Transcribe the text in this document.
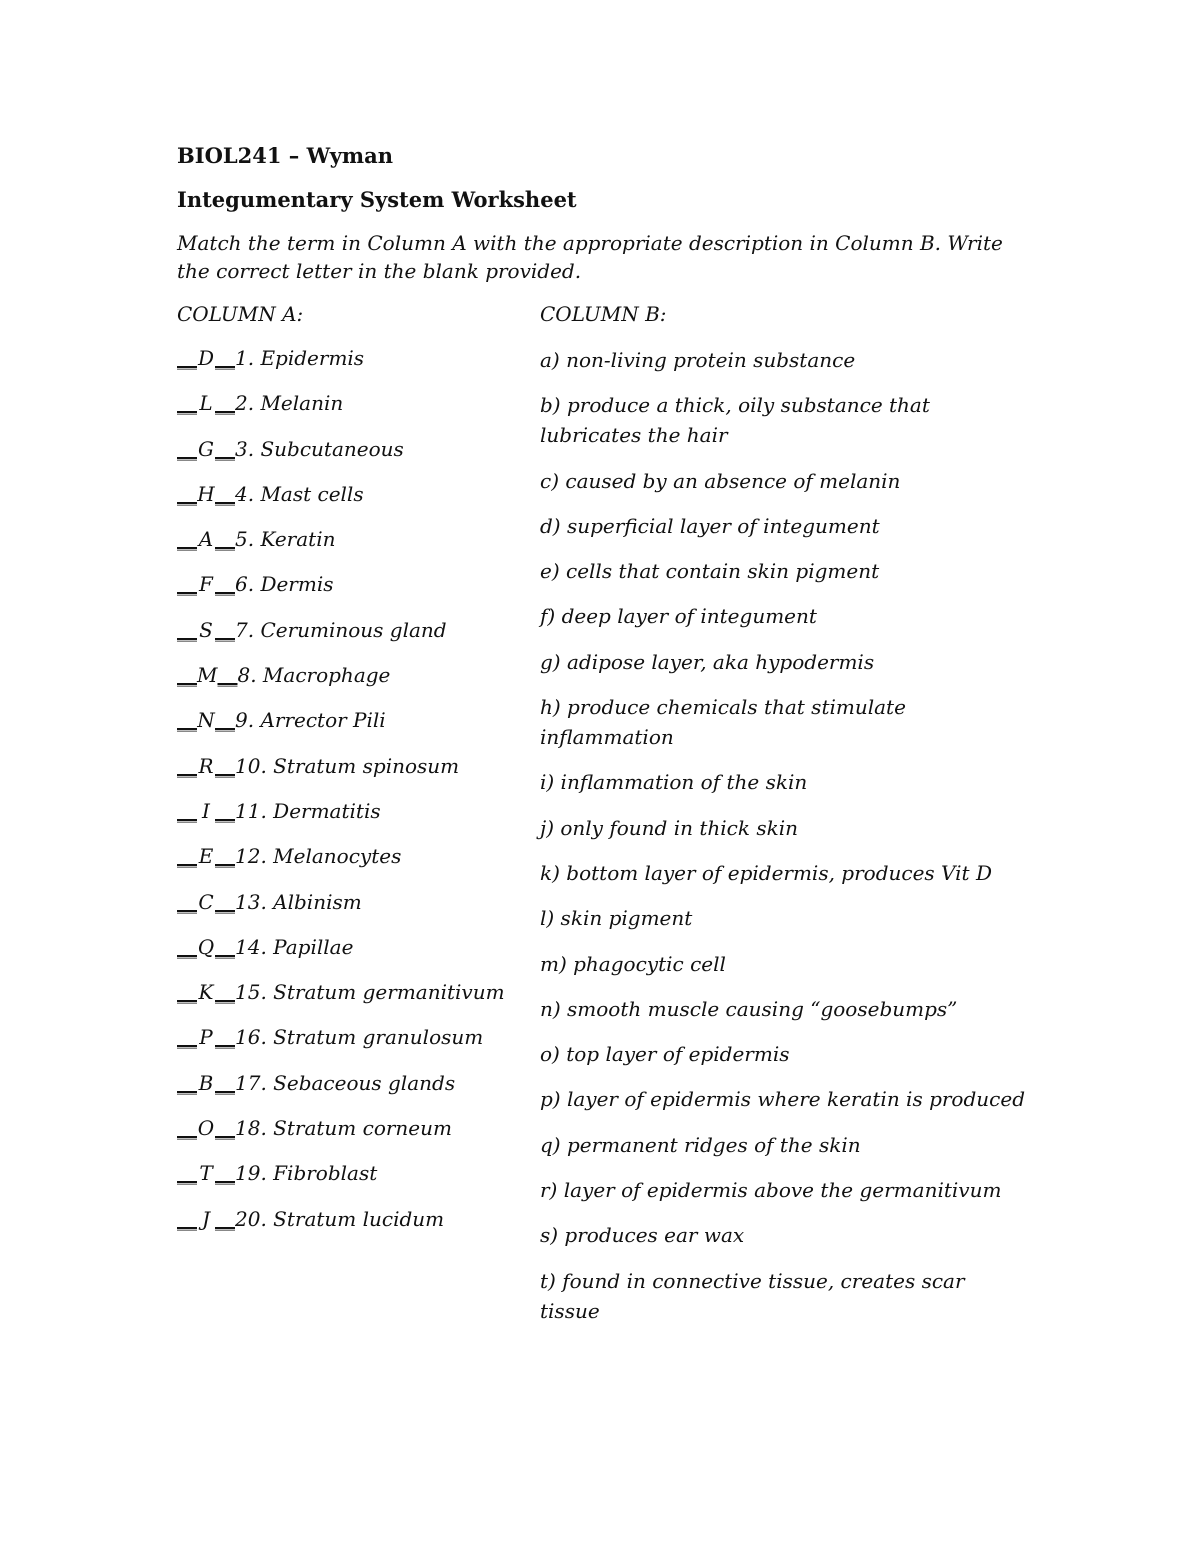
BIOL241 – Wyman
Integumentary System Worksheet
Match the term in Column A with the appropriate description in Column B. Write the correct letter in the blank provided.
COLUMN A:	COLUMN B:
__D__1. Epidermis
__ L __2. Melanin
__G__3. Subcutaneous
__H__4. Mast cells
__A__5. Keratin
__ F __6. Dermis
__ S __7. Ceruminous gland
__M__8. Macrophage
__N__9. Arrector Pili
__R__10. Stratum spinosum
__ I __11. Dermatitis
__E__12. Melanocytes
__C__13. Albinism
__Q__14. Papillae
__K__15. Stratum germanitivum
__ P __16. Stratum granulosum
__B__17. Sebaceous glands
__O__18. Stratum corneum
__ T __19. Fibroblast
__ J __20. Stratum lucidum
a) non-living protein substance
b) produce a thick, oily substance that lubricates the hair
c) caused by an absence of melanin
d) superficial layer of integument
e) cells that contain skin pigment
f) deep layer of integument
g) adipose layer, aka hypodermis
h) produce chemicals that stimulate inflammation
i) inflammation of the skin
j) only found in thick skin
k) bottom layer of epidermis, produces Vit D
l) skin pigment
m) phagocytic cell
n) smooth muscle causing “goosebumps”
o) top layer of epidermis
p) layer of epidermis where keratin is produced
q) permanent ridges of the skin
r) layer of epidermis above the germanitivum
s) produces ear wax
t) found in connective tissue, creates scar tissue
